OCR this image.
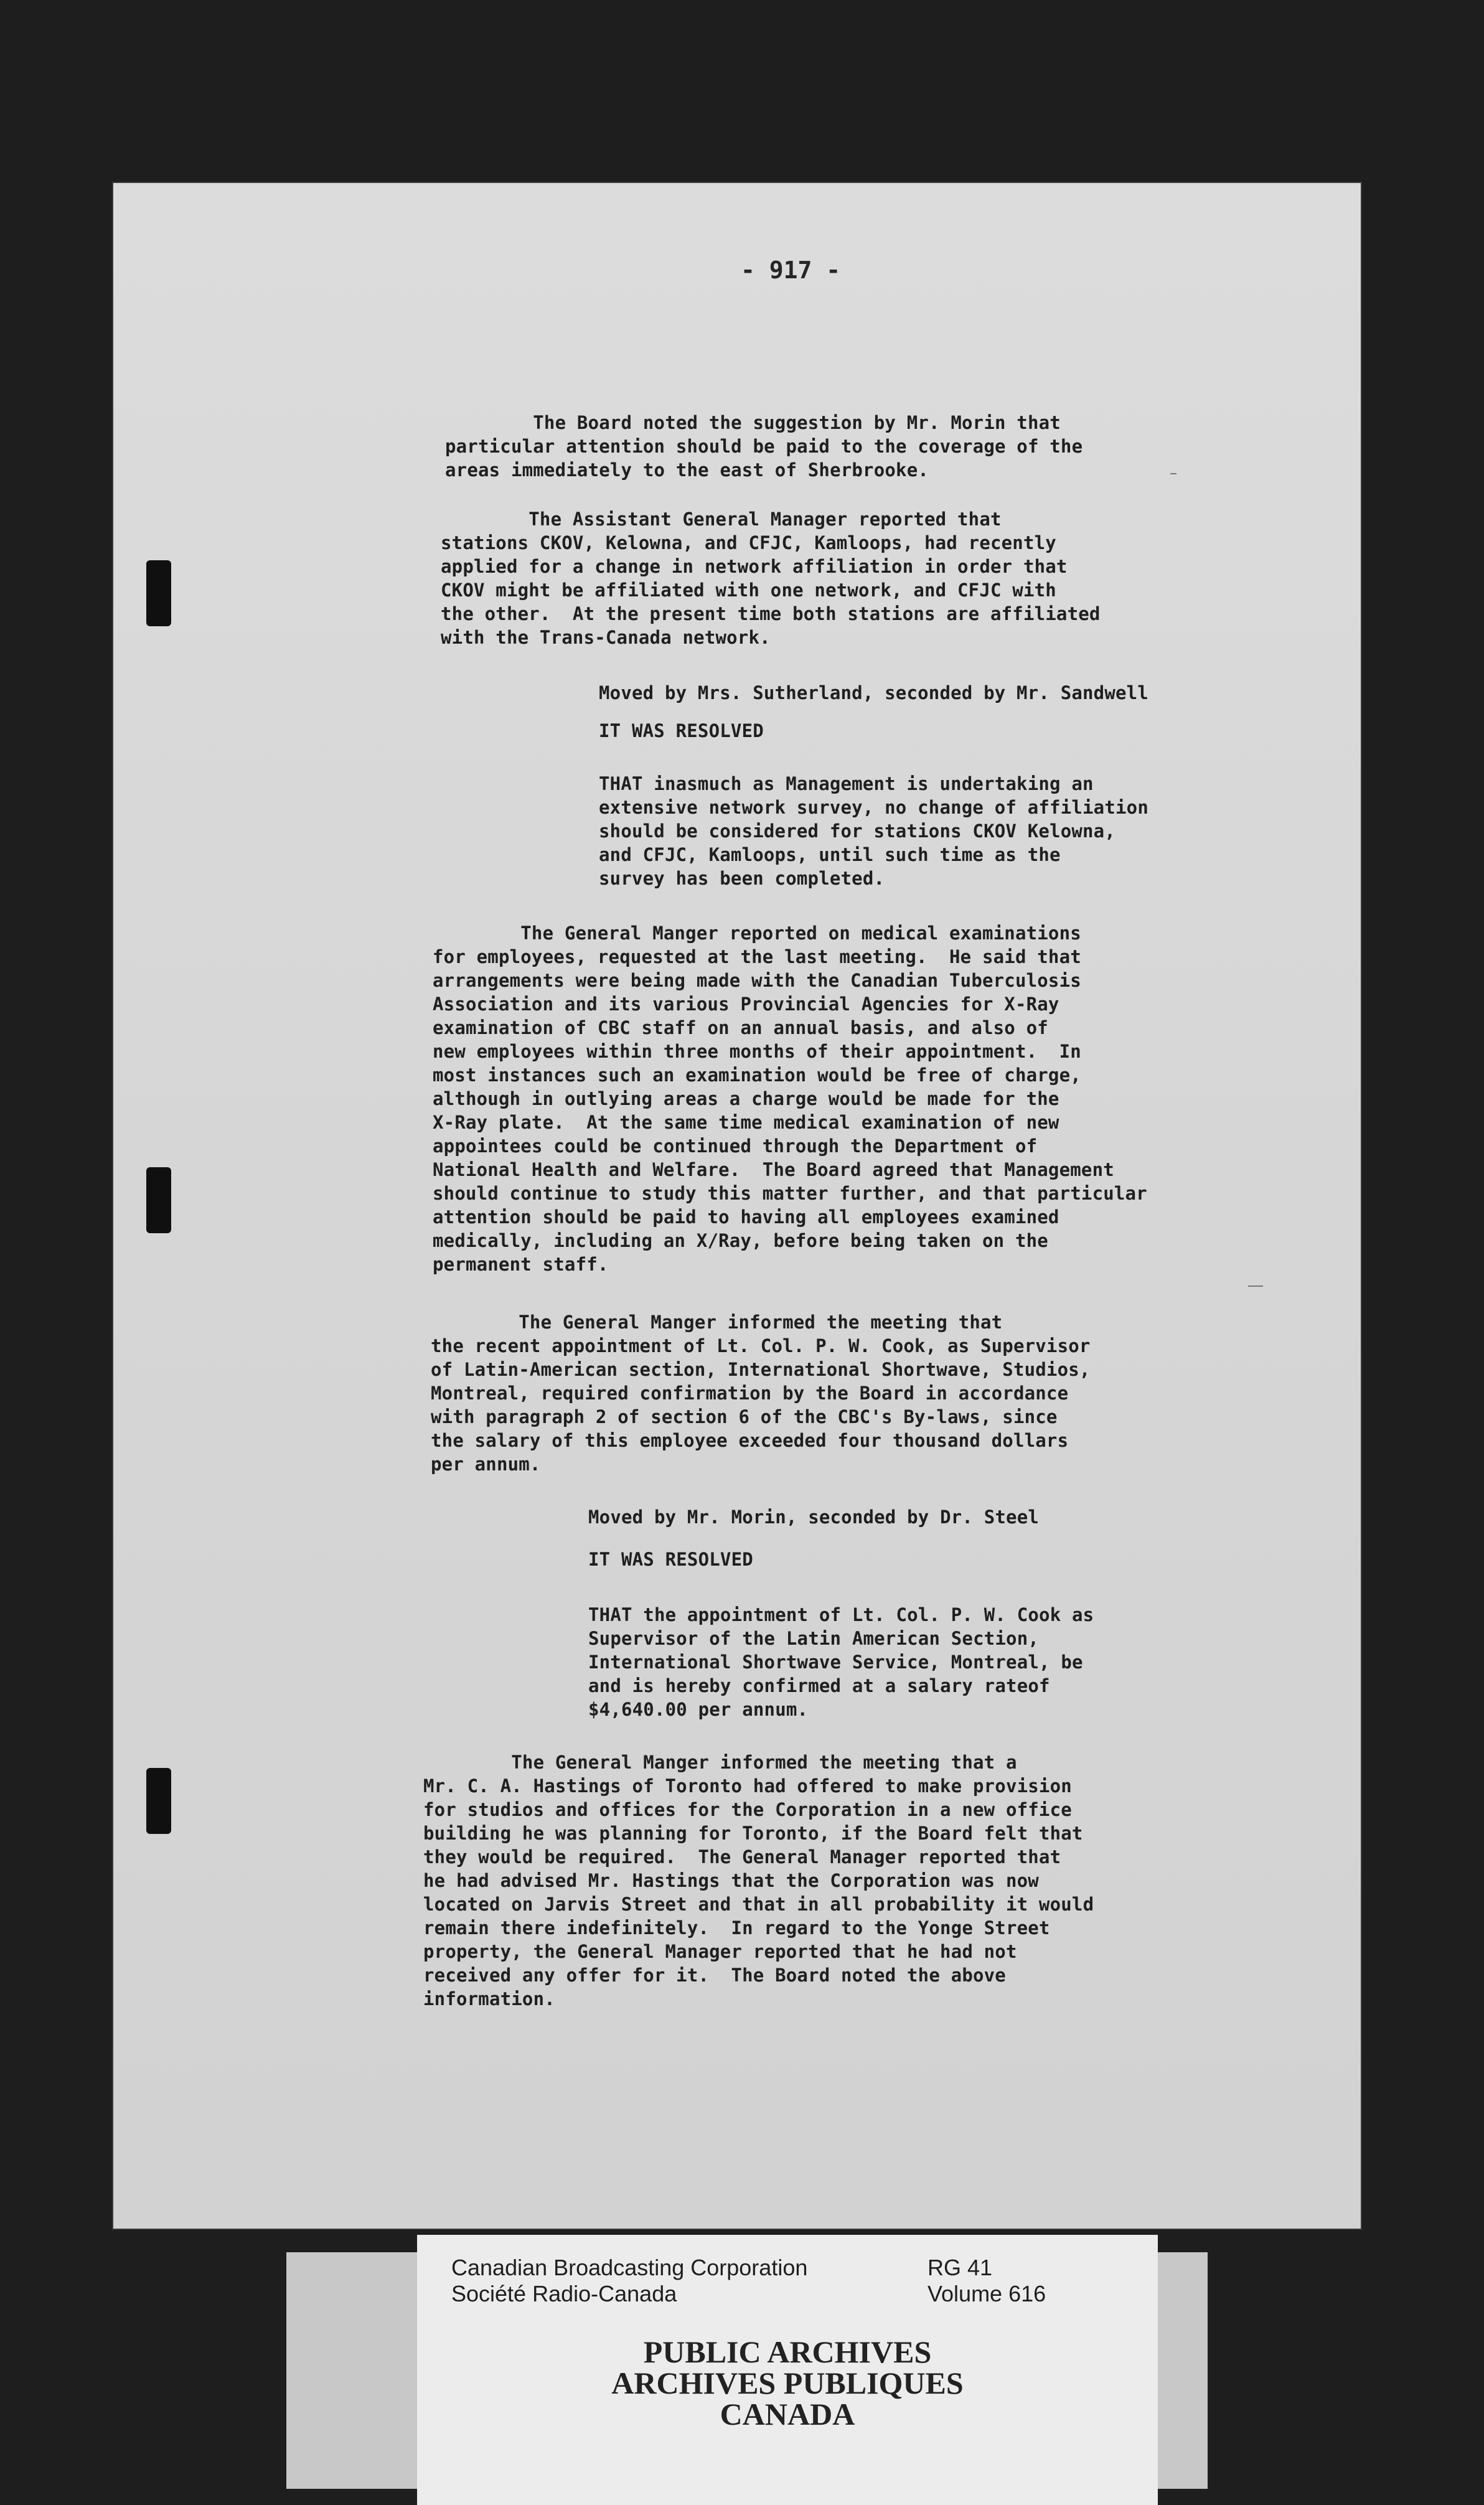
- 917 -

The Board noted the suggestion by Mr. Morin that
particular attention should be paid to the coverage of the
areas immediately to the east of Sherbrooke.

The Assistant General Manager reported that
stations CKOV, Kelowna, and CFJC, Kamloops, had recently
applied for a change in network affiliation in order that
CKOV might be affiliated with one network, and CFJC with
the other.  At the present time both stations are affiliated
with the Trans-Canada network.

Moved by Mrs. Sutherland, seconded by Mr. Sandwell

IT WAS RESOLVED

THAT inasmuch as Management is undertaking an
extensive network survey, no change of affiliation
should be considered for stations CKOV Kelowna,
and CFJC, Kamloops, until such time as the
survey has been completed.

The General Manger reported on medical examinations
for employees, requested at the last meeting.  He said that
arrangements were being made with the Canadian Tuberculosis
Association and its various Provincial Agencies for X-Ray
examination of CBC staff on an annual basis, and also of
new employees within three months of their appointment.  In
most instances such an examination would be free of charge,
although in outlying areas a charge would be made for the
X-Ray plate.  At the same time medical examination of new
appointees could be continued through the Department of
National Health and Welfare.  The Board agreed that Management
should continue to study this matter further, and that particular
attention should be paid to having all employees examined
medically, including an X/Ray, before being taken on the
permanent staff.

The General Manger informed the meeting that
the recent appointment of Lt. Col. P. W. Cook, as Supervisor
of Latin-American section, International Shortwave, Studios,
Montreal, required confirmation by the Board in accordance
with paragraph 2 of section 6 of the CBC's By-laws, since
the salary of this employee exceeded four thousand dollars
per annum.

Moved by Mr. Morin, seconded by Dr. Steel

IT WAS RESOLVED

THAT the appointment of Lt. Col. P. W. Cook as
Supervisor of the Latin American Section,
International Shortwave Service, Montreal, be
and is hereby confirmed at a salary rateof
$4,640.00 per annum.

The General Manger informed the meeting that a
Mr. C. A. Hastings of Toronto had offered to make provision
for studios and offices for the Corporation in a new office
building he was planning for Toronto, if the Board felt that
they would be required.  The General Manager reported that
he had advised Mr. Hastings that the Corporation was now
located on Jarvis Street and that in all probability it would
remain there indefinitely.  In regard to the Yonge Street
property, the General Manager reported that he had not
received any offer for it.  The Board noted the above
information.

Canadian Broadcasting Corporation
Société Radio-Canada
RG 41
Volume 616
PUBLIC ARCHIVES
ARCHIVES PUBLIQUES
CANADA
